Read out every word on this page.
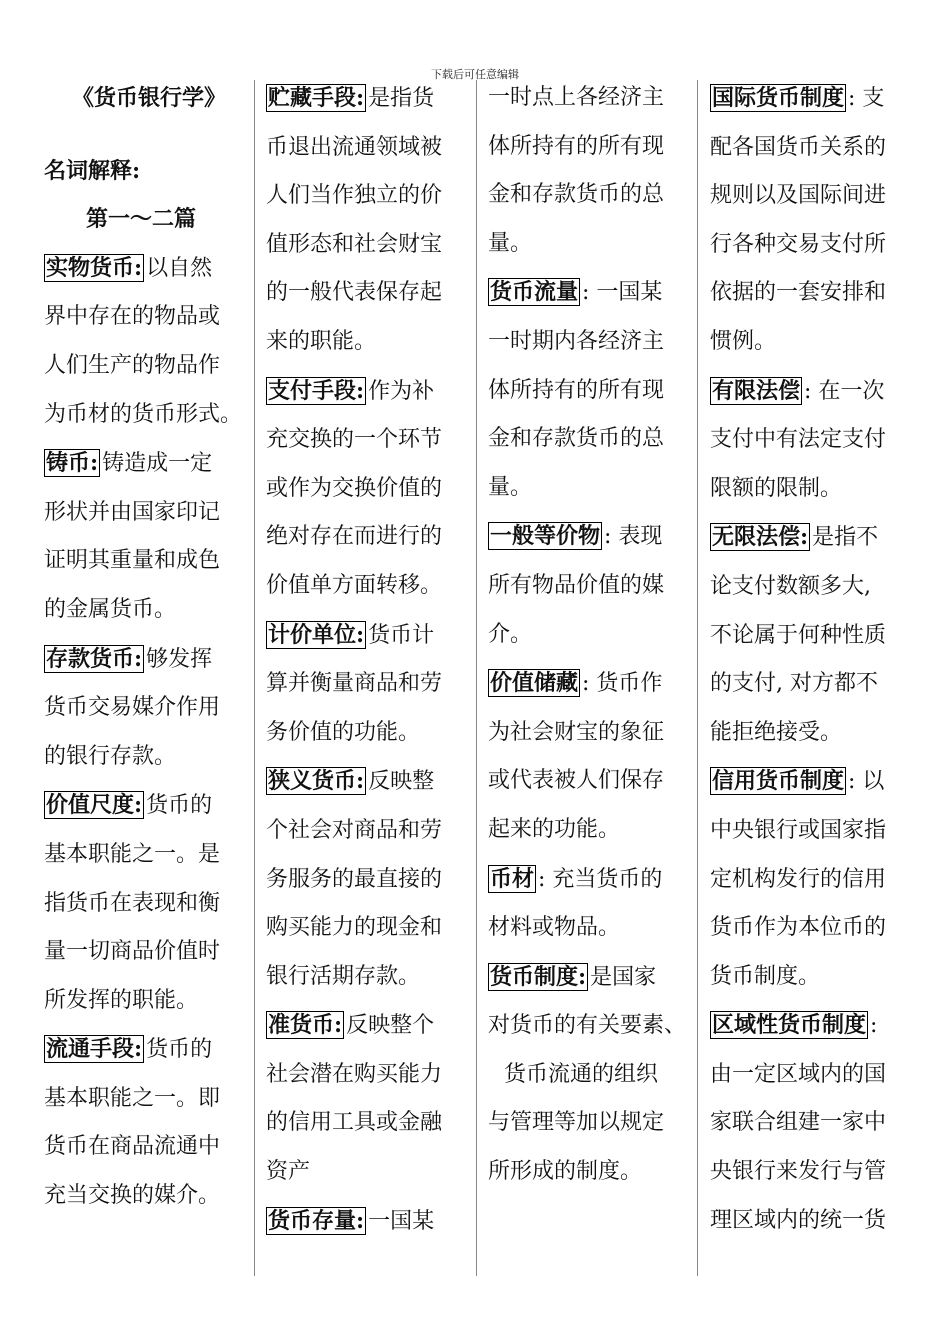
下载后可任意编辑
《货币银行学》
名词解释:
第一～二篇
实物货币: 以自然
界中存在的物品或
人们生产的物品作
为币材的货币形式。
铸币: 铸造成一定
形状并由国家印记
证明其重量和成色
的金属货币。
存款货币: 够发挥
货币交易媒介作用
的银行存款。
价值尺度: 货币的
基本职能之一。是
指货币在表现和衡
量一切商品价值时
所发挥的职能。
流通手段: 货币的
基本职能之一。即
货币在商品流通中
充当交换的媒介。
贮藏手段: 是指货
币退出流通领域被
人们当作独立的价
值形态和社会财宝
的一般代表保存起
来的职能。
支付手段: 作为补
充交换的一个环节
或作为交换价值的
绝对存在而进行的
价值单方面转移。
计价单位: 货币计
算并衡量商品和劳
务价值的功能。
狭义货币: 反映整
个社会对商品和劳
务服务的最直接的
购买能力的现金和
银行活期存款。
准货币: 反映整个
社会潜在购买能力
的信用工具或金融
资产
货币存量: 一国某
一时点上各经济主
体所持有的所有现
金和存款货币的总
量。
货币流量 : 一国某
一时期内各经济主
体所持有的所有现
金和存款货币的总
量。
一般等价物 : 表现
所有物品价值的媒
介。
价值储藏 : 货币作
为社会财宝的象征
或代表被人们保存
起来的功能。
币材 : 充当货币的
材料或物品。
货币制度: 是国家
对货币的有关要素、
货币流通的组织
与管理等加以规定
所形成的制度。
国际货币制度 : 支
配各国货币关系的
规则以及国际间进
行各种交易支付所
依据的一套安排和
惯例。
有限法偿 : 在一次
支付中有法定支付
限额的限制。
无限法偿: 是指不
论支付数额多大,
不论属于何种性质
的支付, 对方都不
能拒绝接受。
信用货币制度 : 以
中央银行或国家指
定机构发行的信用
货币作为本位币的
货币制度。
区域性货币制度 :
由一定区域内的国
家联合组建一家中
央银行来发行与管
理区域内的统一货
